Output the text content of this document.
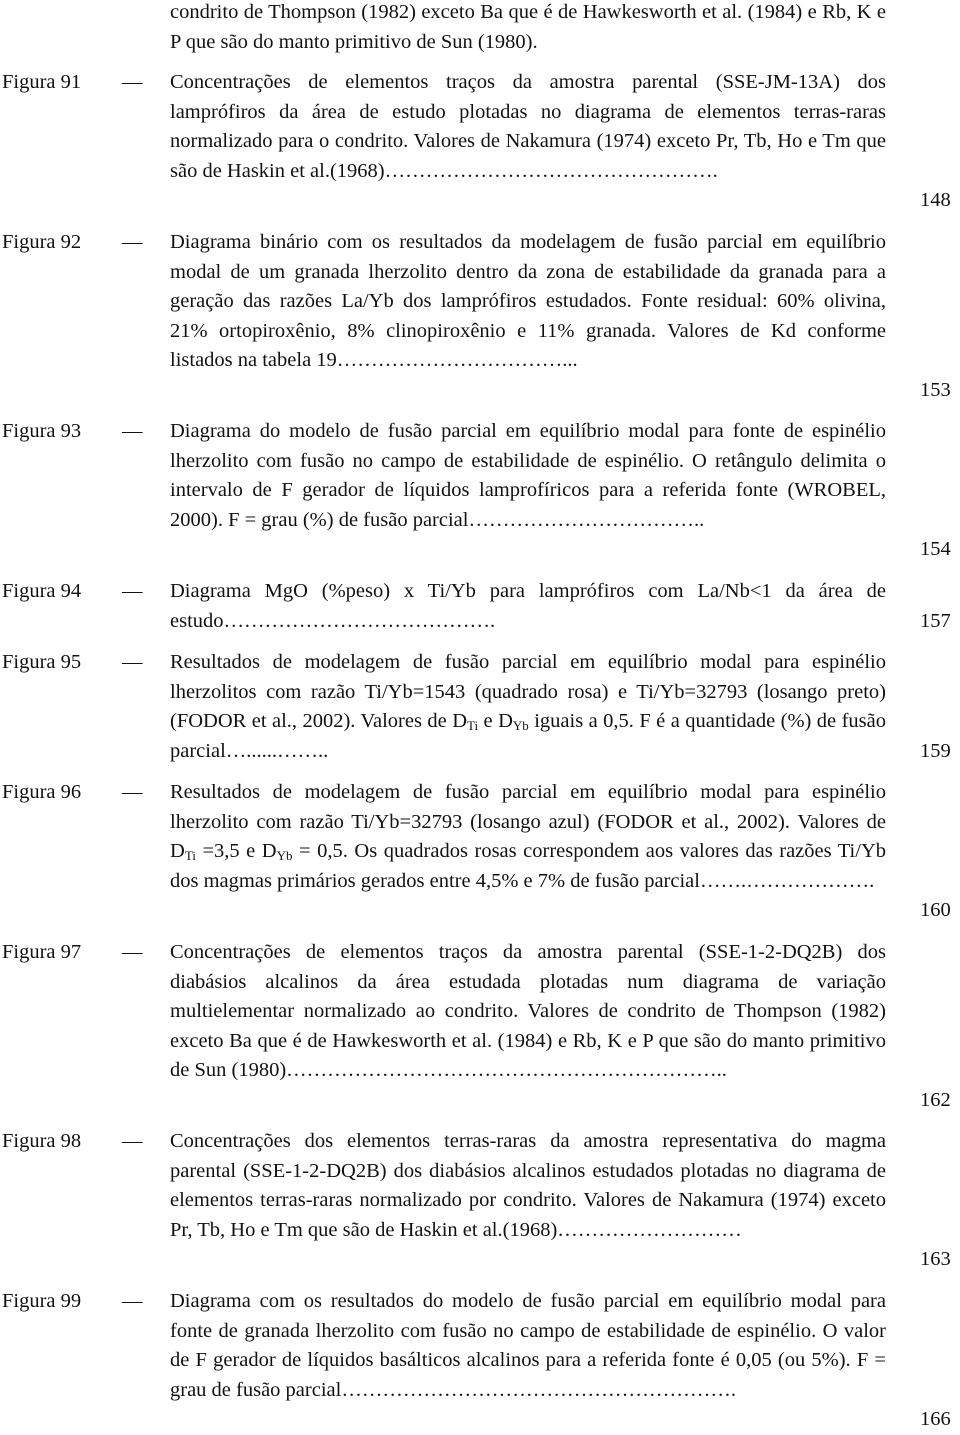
condrito de Thompson (1982) exceto Ba que é de Hawkesworth et al. (1984) e Rb, K e P que são do manto primitivo de Sun (1980).
Figura 91 — Concentrações de elementos traços da amostra parental (SSE-JM-13A) dos lamprófiros da área de estudo plotadas no diagrama de elementos terras-raras normalizado para o condrito. Valores de Nakamura (1974) exceto Pr, Tb, Ho e Tm que são de Haskin et al.(1968)………………………………………….
148
Figura 92 — Diagrama binário com os resultados da modelagem de fusão parcial em equilíbrio modal de um granada lherzolito dentro da zona de estabilidade da granada para a geração das razões La/Yb dos lamprófiros estudados. Fonte residual: 60% olivina, 21% ortopiroxênio, 8% clinopiroxênio e 11% granada. Valores de Kd conforme listados na tabela 19……………………………...
153
Figura 93 — Diagrama do modelo de fusão parcial em equilíbrio modal para fonte de espinélio lherzolito com fusão no campo de estabilidade de espinélio. O retângulo delimita o intervalo de F gerador de líquidos lamprofíricos para a referida fonte (WROBEL, 2000). F = grau (%) de fusão parcial……………………………..
154
Figura 94 — Diagrama MgO (%peso) x Ti/Yb para lamprófiros com La/Nb<1 da área de estudo………………………………….	157
Figura 95 — Resultados de modelagem de fusão parcial em equilíbrio modal para espinélio lherzolitos com razão Ti/Yb=1543 (quadrado rosa) e Ti/Yb=32793 (losango preto) (FODOR et al., 2002). Valores de $D_{Ti}$ e $D_{Yb}$ iguais a 0,5. F é a quantidade (%) de fusão parcial…......……..	159
Figura 96 — Resultados de modelagem de fusão parcial em equilíbrio modal para espinélio lherzolito com razão Ti/Yb=32793 (losango azul) (FODOR et al., 2002). Valores de $D_{Ti} =3,5$ e $D_{Yb} = 0,5$. Os quadrados rosas correspondem aos valores das razões Ti/Yb dos magmas primários gerados entre 4,5% e 7% de fusão parcial…….……………….
160
Figura 97 — Concentrações de elementos traços da amostra parental (SSE-1-2-DQ2B) dos diabásios alcalinos da área estudada plotadas num diagrama de variação multielementar normalizado ao condrito. Valores de condrito de Thompson (1982) exceto Ba que é de Hawkesworth et al. (1984) e Rb, K e P que são do manto primitivo de Sun (1980)………………………………………………………..
162
Figura 98 — Concentrações dos elementos terras-raras da amostra representativa do magma parental (SSE-1-2-DQ2B) dos diabásios alcalinos estudados plotadas no diagrama de elementos terras-raras normalizado por condrito. Valores de Nakamura (1974) exceto Pr, Tb, Ho e Tm que são de Haskin et al.(1968)………………………
163
Figura 99 — Diagrama com os resultados do modelo de fusão parcial em equilíbrio modal para fonte de granada lherzolito com fusão no campo de estabilidade de espinélio. O valor de F gerador de líquidos basálticos alcalinos para a referida fonte é 0,05 (ou 5%). F = grau de fusão parcial………………………………………………….
166
